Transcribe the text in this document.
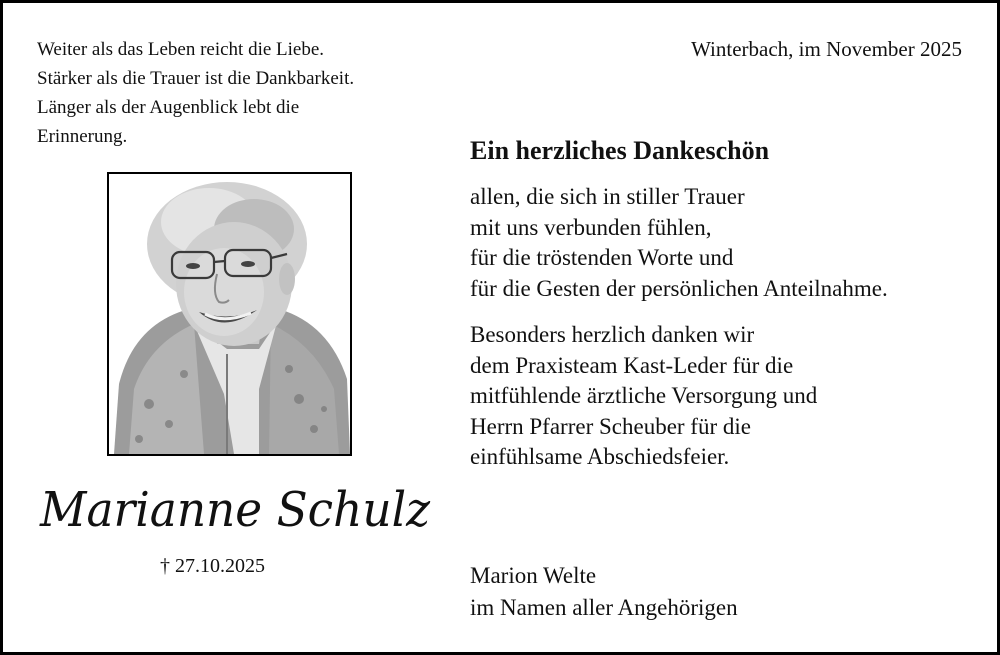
Weiter als das Leben reicht die Liebe.
Stärker als die Trauer ist die Dankbarkeit.
Länger als der Augenblick lebt die
Erinnerung.
Winterbach, im November 2025
Marianne Schulz
† 27.10.2025
Ein herzliches Dankeschön
allen, die sich in stiller Trauer
mit uns verbunden fühlen,
für die tröstenden Worte und
für die Gesten der persönlichen Anteilnahme.
Besonders herzlich danken wir
dem Praxisteam Kast-Leder für die
mitfühlende ärztliche Versorgung und
Herrn Pfarrer Scheuber für die
einfühlsame Abschiedsfeier.
Marion Welte
im Namen aller Angehörigen
